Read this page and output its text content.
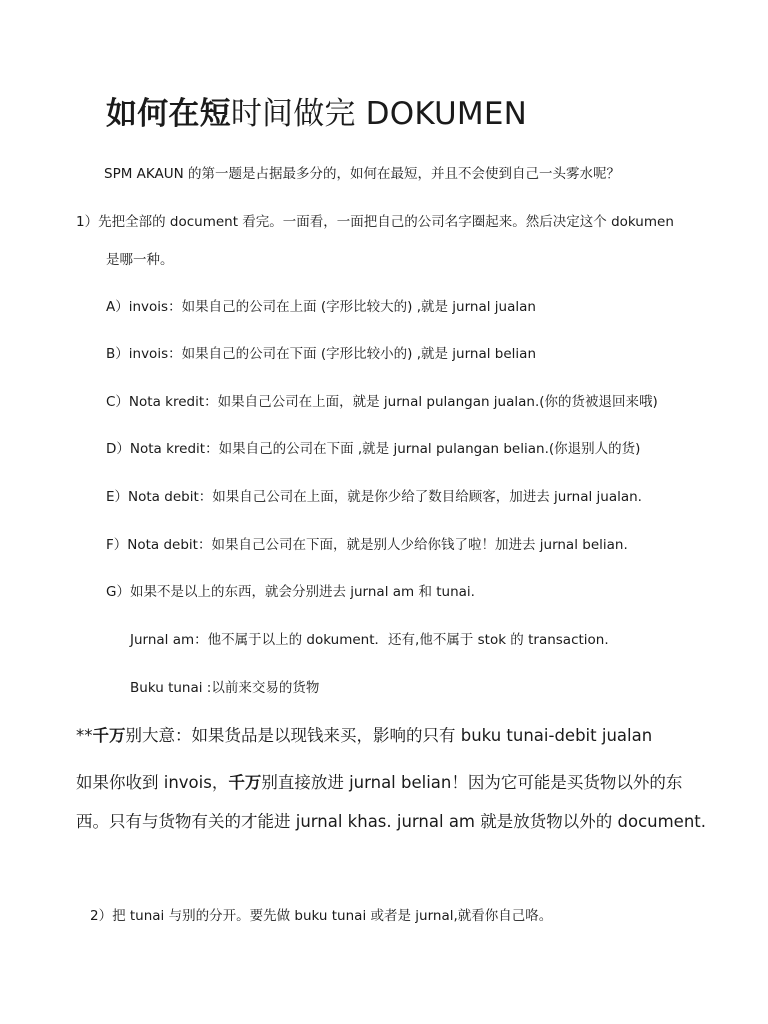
如何在短时间做完 DOKUMEN
SPM AKAUN 的第一题是占据最多分的，如何在最短，并且不会使到自己一头雾水呢？
1）先把全部的 document 看完。一面看，一面把自己的公司名字圈起来。然后决定这个 dokumen
是哪一种。
A）invois：如果自己的公司在上面 (字形比较大的) ,就是 jurnal jualan
B）invois：如果自己的公司在下面 (字形比较小的) ,就是 jurnal belian
C）Nota kredit：如果自己公司在上面，就是 jurnal pulangan jualan.(你的货被退回来哦)
D）Nota kredit：如果自己的公司在下面 ,就是 jurnal pulangan belian.(你退别人的货)
E）Nota debit：如果自己公司在上面，就是你少给了数目给顾客，加进去 jurnal jualan.
F）Nota debit：如果自己公司在下面，就是别人少给你钱了啦！加进去 jurnal belian.
G）如果不是以上的东西，就会分别进去 jurnal am 和 tunai.
Jurnal am：他不属于以上的 dokument．还有,他不属于 stok 的 transaction.
Buku tunai :以前来交易的货物
**千万别大意：如果货品是以现钱来买，影响的只有 buku tunai-debit jualan
如果你收到 invois，千万别直接放进 jurnal belian！因为它可能是买货物以外的东
西。只有与货物有关的才能进 jurnal khas. jurnal am 就是放货物以外的 document.
2）把 tunai 与别的分开。要先做 buku tunai 或者是 jurnal,就看你自己咯。
